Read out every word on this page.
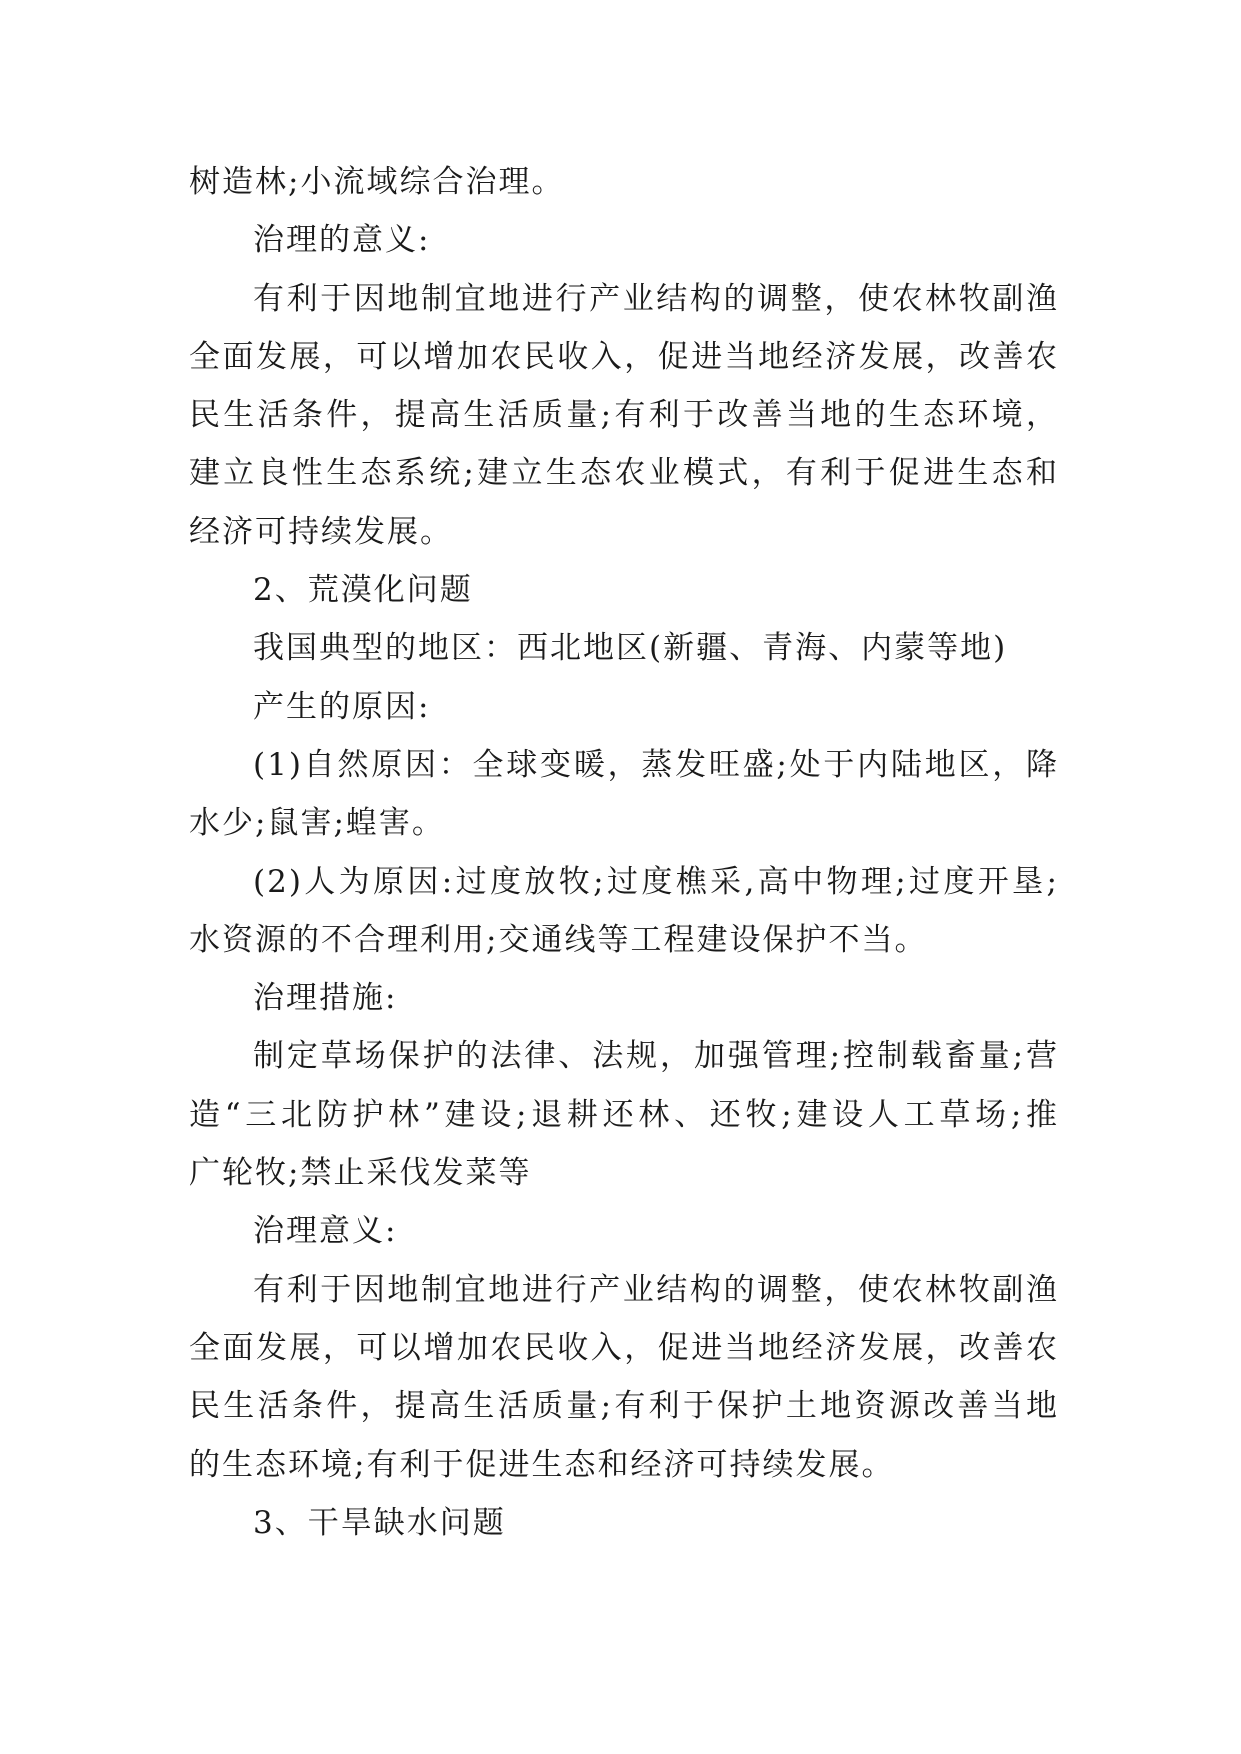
树造林;小流域综合治理。
治理的意义:
有利于因地制宜地进行产业结构的调整，使农林牧副渔
全面发展，可以增加农民收入，促进当地经济发展，改善农
民生活条件，提高生活质量;有利于改善当地的生态环境，
建立良性生态系统;建立生态农业模式，有利于促进生态和
经济可持续发展。
2、荒漠化问题
我国典型的地区：西北地区(新疆、青海、内蒙等地)
产生的原因:
(1)自然原因：全球变暖，蒸发旺盛;处于内陆地区，降
水少;鼠害;蝗害。
(2)人为原因:过度放牧;过度樵采,高中物理;过度开垦;
水资源的不合理利用;交通线等工程建设保护不当。
治理措施:
制定草场保护的法律、法规，加强管理;控制载畜量;营
造“三北防护林”建设;退耕还林、还牧;建设人工草场;推
广轮牧;禁止采伐发菜等
治理意义:
有利于因地制宜地进行产业结构的调整，使农林牧副渔
全面发展，可以增加农民收入，促进当地经济发展，改善农
民生活条件，提高生活质量;有利于保护土地资源改善当地
的生态环境;有利于促进生态和经济可持续发展。
3、干旱缺水问题
